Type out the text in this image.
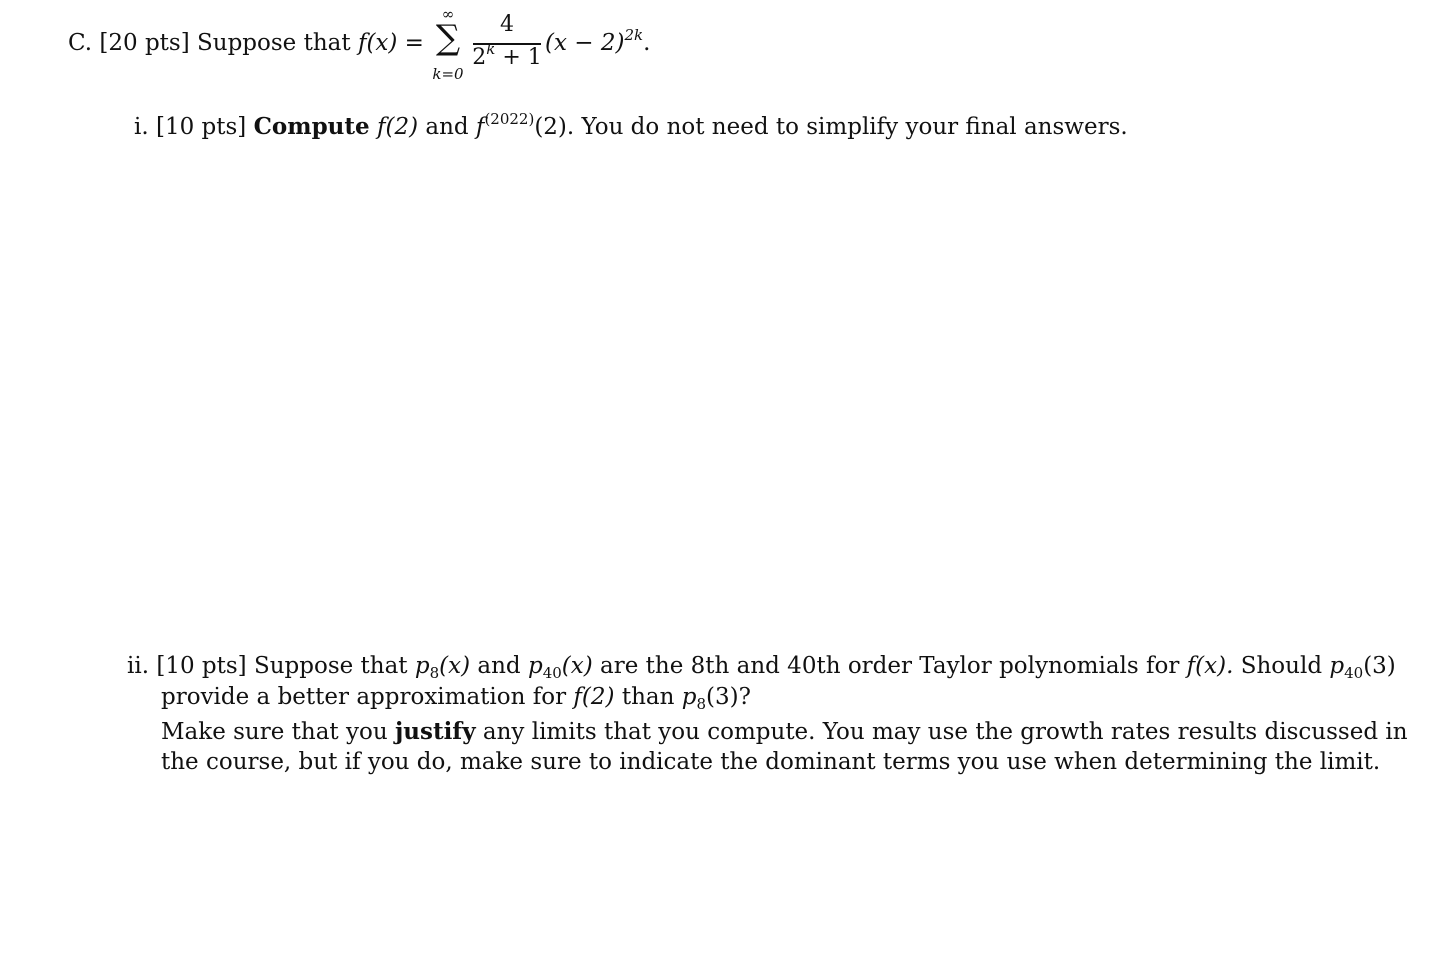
C. [20 pts] Suppose that f(x) =
∞
∑
k=0
4
$2^k + 1$
$(x - 2)^{2k}$.
i. [10 pts] Compute f(2) and $f^{(2022)}(2)$. You do not need to simplify your final answers.
ii. [10 pts] Suppose that $p_8(x)$ and $p_{40}(x)$ are the 8th and 40th order Taylor polynomials for f(x). Should $p_{40}(3)$
provide a better approximation for f(2) than $p_8(3)$?
Make sure that you justify any limits that you compute. You may use the growth rates results discussed in
the course, but if you do, make sure to indicate the dominant terms you use when determining the limit.
